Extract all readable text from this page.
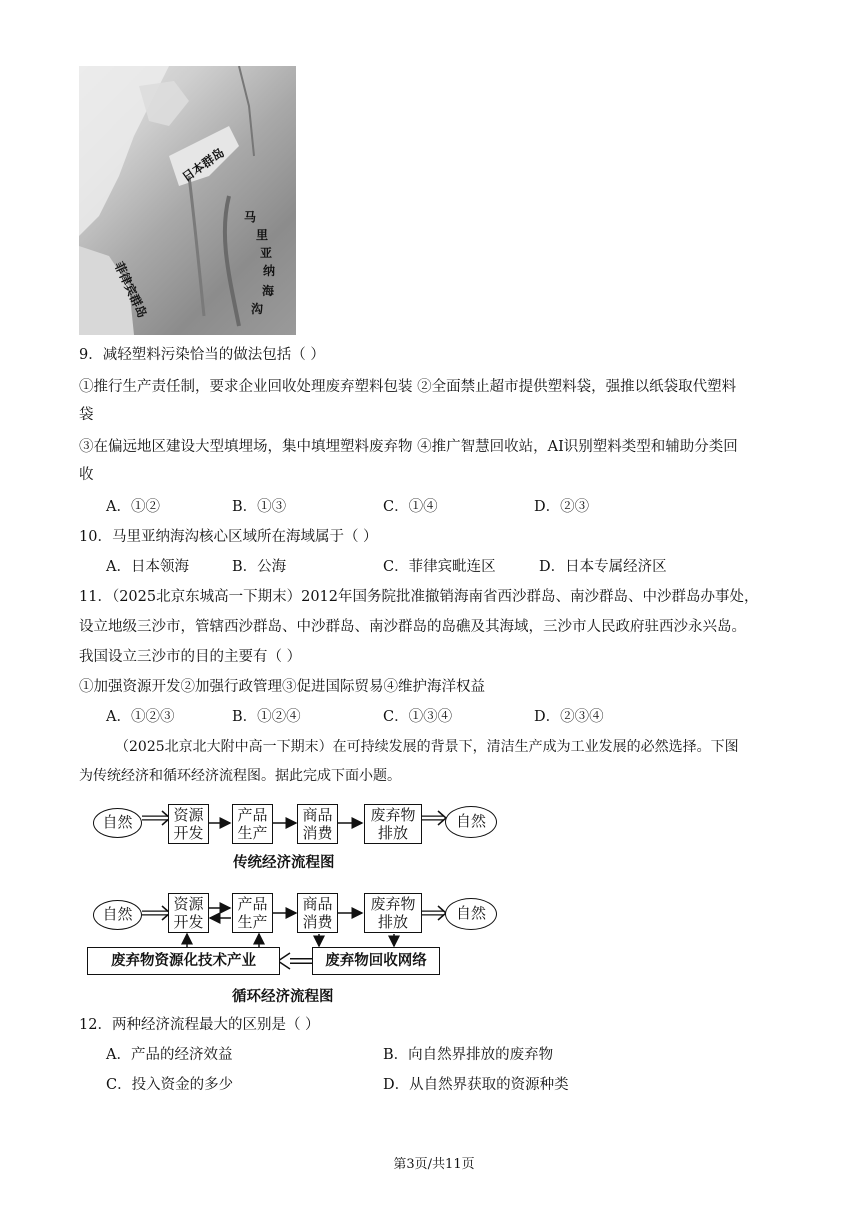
日本群岛
菲律宾群岛
马
里
亚
纳
海
沟
9．减轻塑料污染恰当的做法包括（ ）
①推行生产责任制，要求企业回收处理废弃塑料包装 ②全面禁止超市提供塑料袋，强推以纸袋取代塑料
袋
③在偏远地区建设大型填埋场，集中填埋塑料废弃物 ④推广智慧回收站，AI识别塑料类型和辅助分类回
收
A．①②	B．①③	C．①④	D．②③
10．马里亚纳海沟核心区域所在海域属于（ ）
A．日本领海	B．公海	C．菲律宾毗连区	D．日本专属经济区
11．（2025北京东城高一下期末）2012年国务院批准撤销海南省西沙群岛、南沙群岛、中沙群岛办事处，
设立地级三沙市，管辖西沙群岛、中沙群岛、南沙群岛的岛礁及其海域，三沙市人民政府驻西沙永兴岛。
我国设立三沙市的目的主要有（ ）
①加强资源开发②加强行政管理③促进国际贸易④维护海洋权益
A．①②③	B．①②④	C．①③④	D．②③④
（2025北京北大附中高一下期末）在可持续发展的背景下，清洁生产成为工业发展的必然选择。下图
为传统经济和循环经济流程图。据此完成下面小题。
自然	资源
开发
产品
生产
商品
消费
废弃物
排放
自然
传统经济流程图
自然
资源
开发
产品
生产
商品
消费
废弃物
排放	自然
废弃物资源化技术产业	废弃物回收网络
循环经济流程图
12．两种经济流程最大的区别是（ ）
A．产品的经济效益	B．向自然界排放的废弃物
C．投入资金的多少	D．从自然界获取的资源种类
第3页/共11页
